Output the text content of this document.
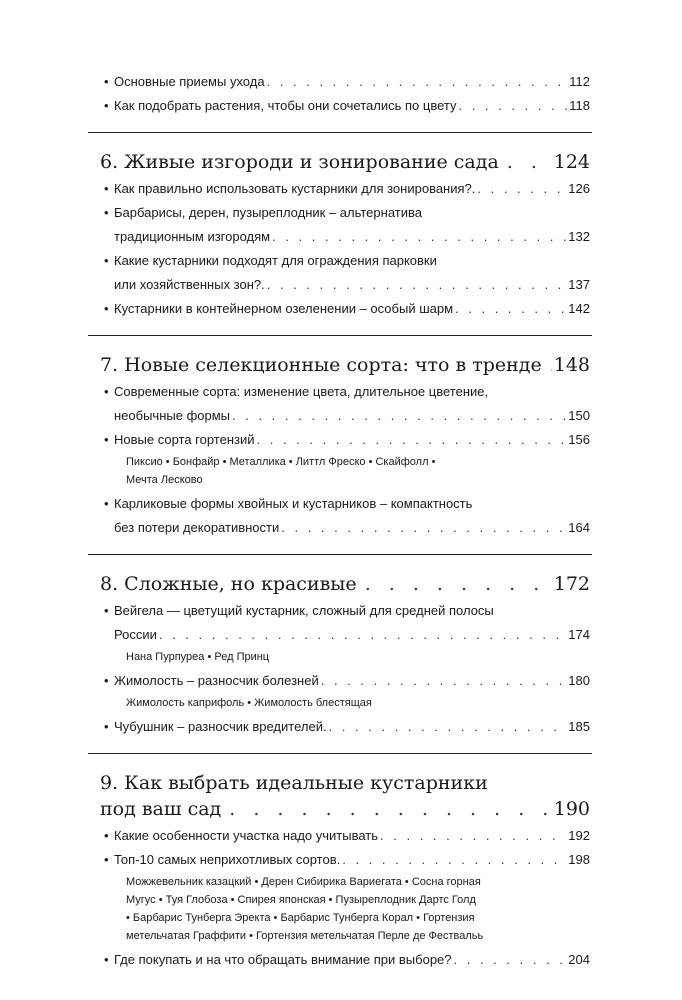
• Основные приемы ухода . . .	112
• Как подобрать растения, чтобы они сочетались по цвету . . .	118
6. Живые изгороди и зонирование сада . . .	124
• Как правильно использовать кустарники для зонирования?. . . .	126
• Барбарисы, дерен, пузыреплодник – альтернатива
традиционным изгородям . . .	132
• Какие кустарники подходят для ограждения парковки
или хозяйственных зон?. . . .	137
• Кустарники в контейнерном озеленении – особый шарм . . .	142
7. Новые селекционные сорта: что в тренде . . . 148
• Современные сорта: изменение цвета, длительное цветение,
необычные формы . . .	150
• Новые сорта гортензий . . .	156
Пиксио • Бонфайр • Металлика • Литтл Фреско • Скайфолл •
Мечта Лесково
• Карликовые формы хвойных и кустарников – компактность
без потери декоративности . . .	164
8. Сложные, но красивые . . .	172
• Вейгела — цветущий кустарник, сложный для средней полосы
России . . .	174
Нана Пурпуреа • Ред Принц
• Жимолость – разносчик болезней . . .	180
Жимолость каприфоль • Жимолость блестящая
• Чубушник – разносчик вредителей. . . .	185
9. Как выбрать идеальные кустарники
под ваш сад . . .	190
• Какие особенности участка надо учитывать . . .	192
• Топ-10 самых неприхотливых сортов. . . .	198
Можжевельник казацкий • Дерен Сибирика Вариегата • Сосна горная
Мугус • Туя Глобоза • Спирея японская • Пузыреплодник Дартс Голд
• Барбарис Тунберга Эректа • Барбарис Тунберга Корал • Гортензия
метельчатая Граффити • Гортензия метельчатая Перле де Фествальь
• Где покупать и на что обращать внимание при выборе? . . .	204
